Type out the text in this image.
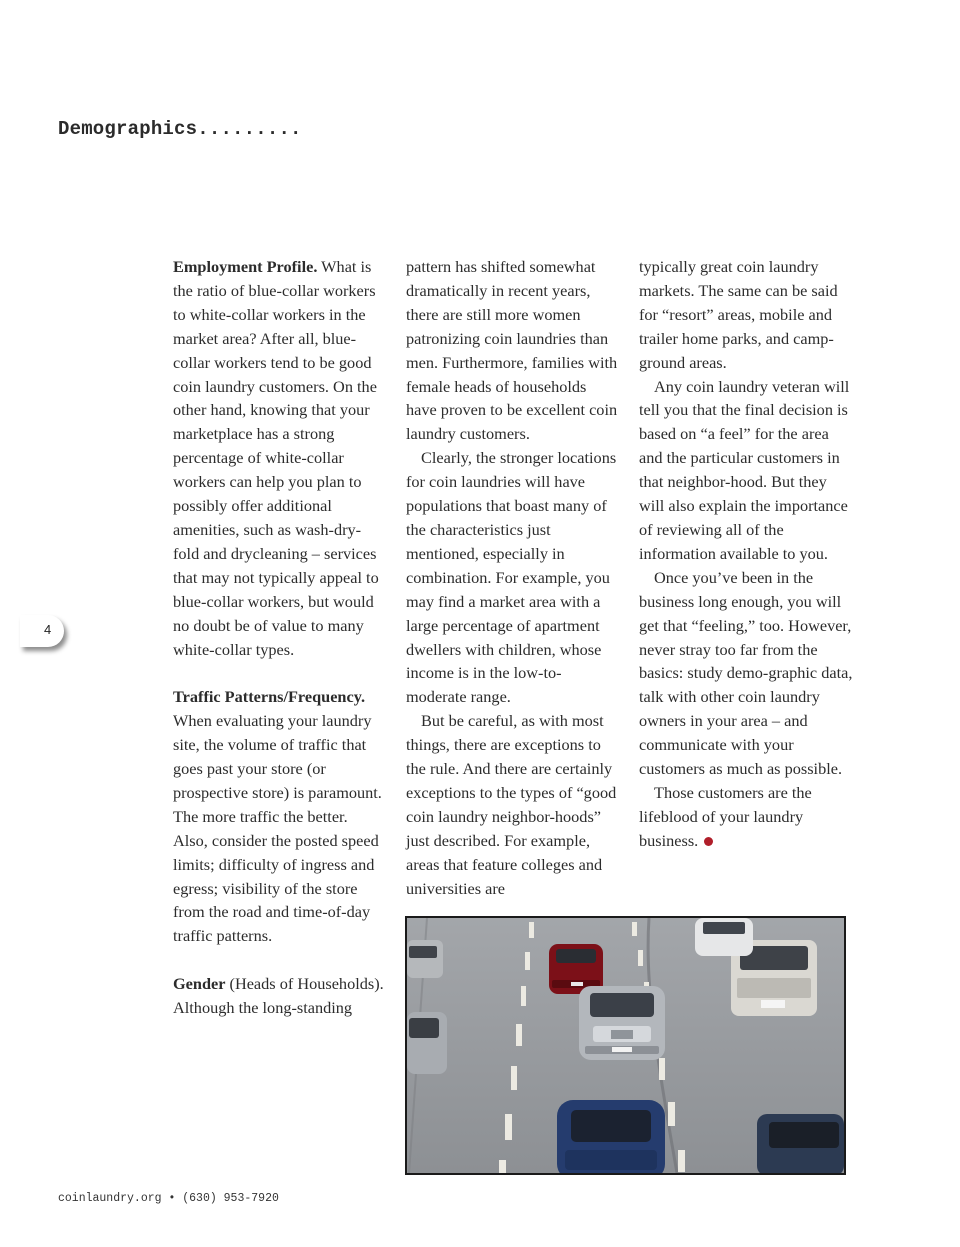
Demographics.........

Employment Profile. What is the ratio of blue-collar workers to white-collar workers in the market area? After all, blue-collar workers tend to be good coin laundry customers. On the other hand, knowing that your marketplace has a strong percentage of white-collar workers can help you plan to possibly offer additional amenities, such as wash-dry-fold and drycleaning – services that may not typically appeal to blue-collar workers, but would no doubt be of value to many white-collar types.

Traffic Patterns/Frequency. When evaluating your laundry site, the volume of traffic that goes past your store (or prospective store) is paramount. The more traffic the better. Also, consider the posted speed limits; difficulty of ingress and egress; visibility of the store from the road and time-of-day traffic patterns.

Gender (Heads of Households). Although the long-standing

pattern has shifted somewhat dramatically in recent years, there are still more women patronizing coin laundries than men. Furthermore, families with female heads of households have proven to be excellent coin laundry customers.

Clearly, the stronger locations for coin laundries will have populations that boast many of the characteristics just mentioned, especially in combination. For example, you may find a market area with a large percentage of apartment dwellers with children, whose income is in the low-to-moderate range.

But be careful, as with most things, there are exceptions to the rule. And there are certainly exceptions to the types of “good coin laundry neighbor-hoods” just described. For example, areas that feature colleges and universities are

typically great coin laundry markets. The same can be said for “resort” areas, mobile and trailer home parks, and camp-ground areas.

Any coin laundry veteran will tell you that the final decision is based on “a feel” for the area and the particular customers in that neighbor-hood. But they will also explain the importance of reviewing all of the information available to you.

Once you’ve been in the business long enough, you will get that “feeling,” too. However, never stray too far from the basics: study demo-graphic data, talk with other coin laundry owners in your area – and communicate with your customers as much as possible.

Those customers are the lifeblood of your laundry business.

4
coinlaundry.org • (630) 953-7920
